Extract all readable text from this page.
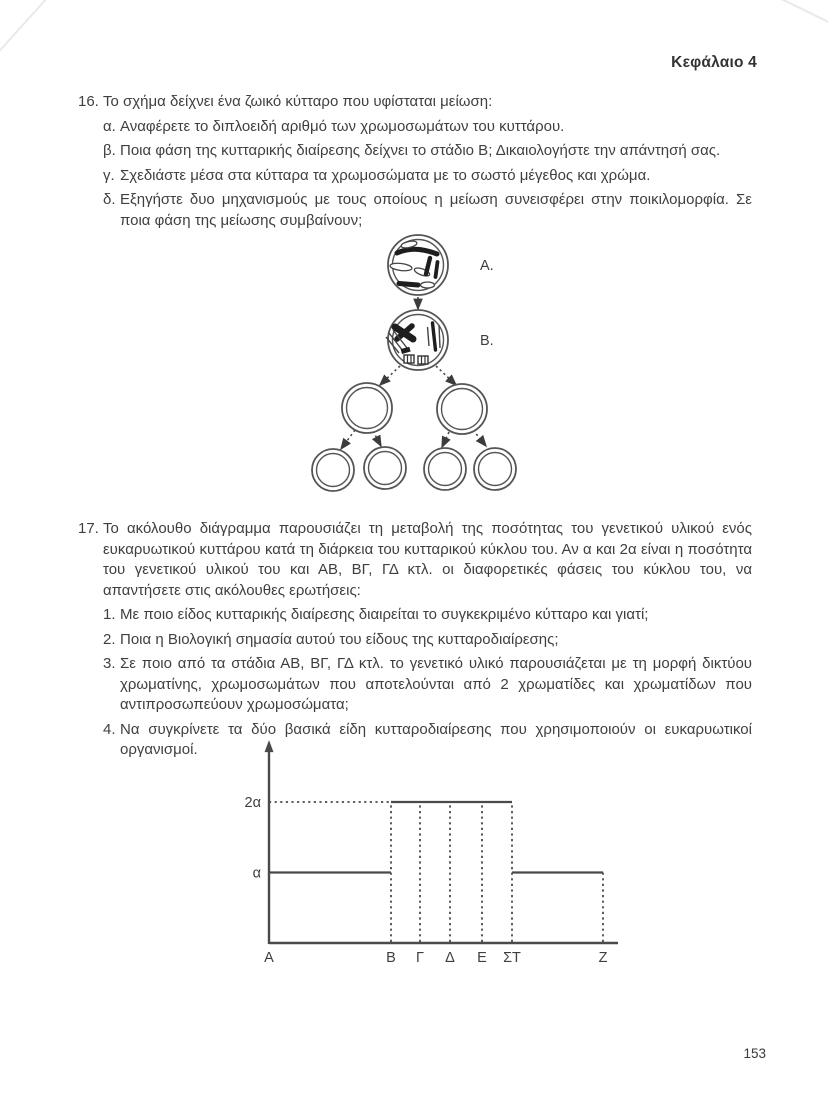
Κεφάλαιο 4
16. Το σχήμα δείχνει ένα ζωικό κύτταρο που υφίσταται μείωση:
α. Αναφέρετε το διπλοειδή αριθμό των χρωμοσωμάτων του κυττάρου.
β. Ποια φάση της κυτταρικής διαίρεσης δείχνει το στάδιο Β; Δικαιολογήστε την απάντησή σας.
γ. Σχεδιάστε μέσα στα κύτταρα τα χρωμοσώματα με το σωστό μέγεθος και χρώμα.
δ. Εξηγήστε δυο μηχανισμούς με τους οποίους η μείωση συνεισφέρει στην ποικιλομορφία. Σε ποια φάση της μείωσης συμβαίνουν;
A.
B.
17. Το ακόλουθο διάγραμμα παρουσιάζει τη μεταβολή της ποσότητας του γενετικού υλικού ενός ευκαρυωτικού κυττάρου κατά τη διάρκεια του κυτταρικού κύκλου του. Αν α και 2α είναι η ποσότητα του γενετικού υλικού του και ΑΒ, ΒΓ, ΓΔ κτλ. οι διαφορετικές φάσεις του κύκλου του, να απαντήσετε στις ακόλουθες ερωτήσεις:
1. Με ποιο είδος κυτταρικής διαίρεσης διαιρείται το συγκεκριμένο κύτταρο και γιατί;
2. Ποια η Βιολογική σημασία αυτού του είδους της κυτταροδιαίρεσης;
3. Σε ποιο από τα στάδια ΑΒ, ΒΓ, ΓΔ κτλ. το γενετικό υλικό παρουσιάζεται με τη μορφή δικτύου χρωματίνης, χρωμοσωμάτων που αποτελούνται από 2 χρωματίδες και χρωματίδων που αντιπροσωπεύουν χρωμοσώματα;
4. Να συγκρίνετε τα δύο βασικά είδη κυτταροδιαίρεσης που χρησιμοποιούν οι ευκαρυωτικοί οργανισμοί.
Α	Β Γ Δ Ε ΣΤ	Ζ
α
2α
153
